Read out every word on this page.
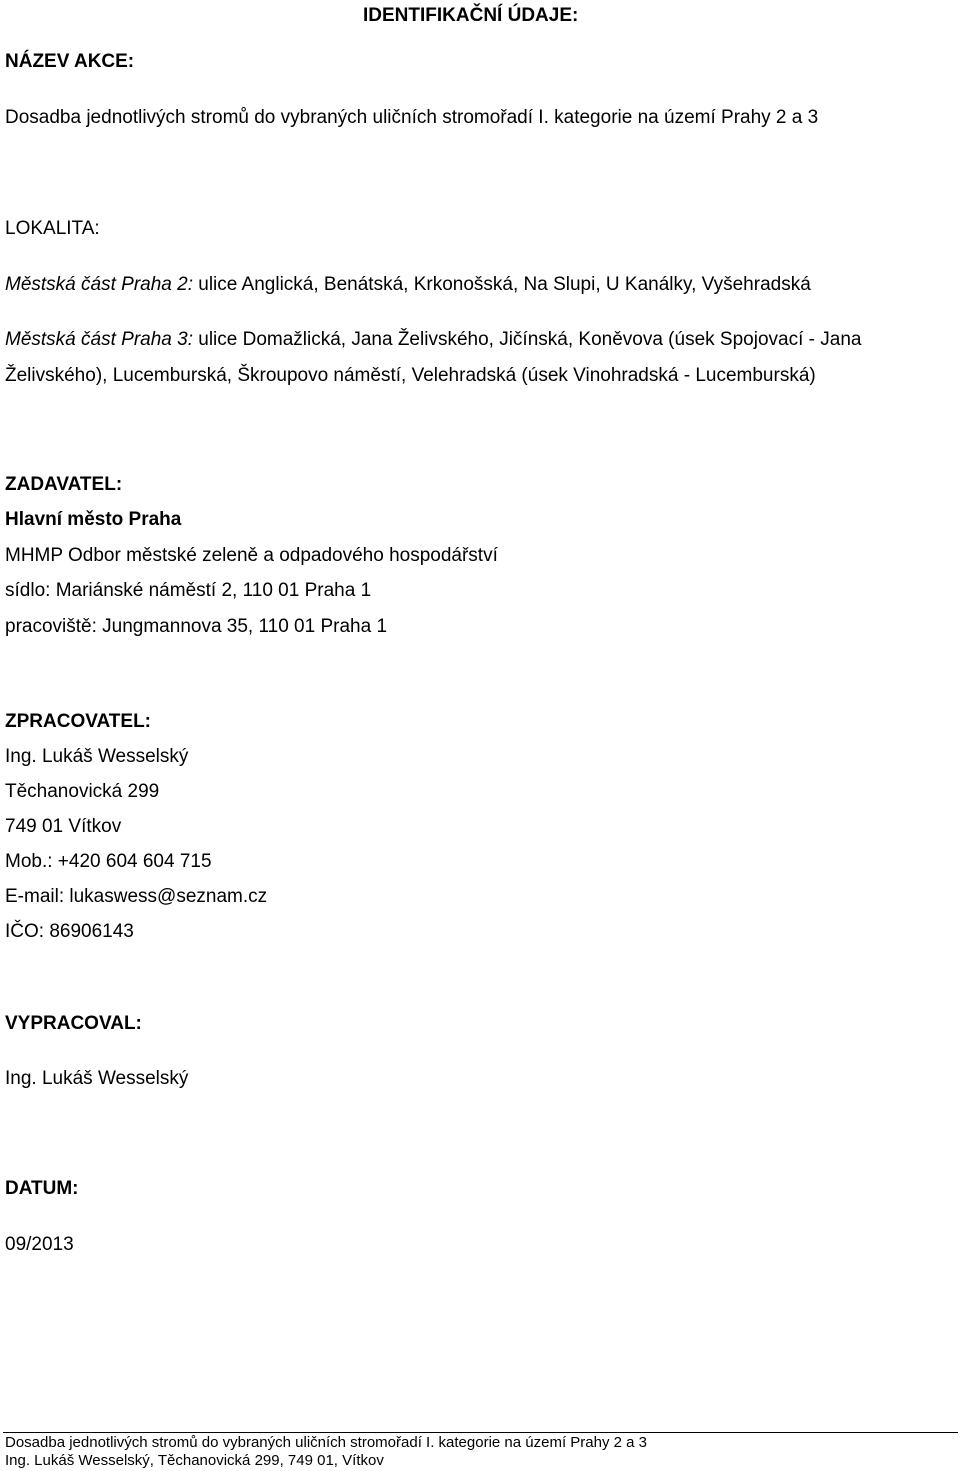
IDENTIFIKAČNÍ ÚDAJE:
NÁZEV AKCE:
Dosadba jednotlivých stromů do vybraných uličních stromořadí I. kategorie na území Prahy 2 a 3
LOKALITA:
Městská část Praha 2: ulice Anglická, Benátská, Krkonošská, Na Slupi, U Kanálky, Vyšehradská
Městská část Praha 3: ulice Domažlická, Jana Želivského, Jičínská, Koněvova (úsek Spojovací - Jana
Želivského), Lucemburská, Škroupovo náměstí, Velehradská (úsek Vinohradská - Lucemburská)
ZADAVATEL:
Hlavní město Praha
MHMP Odbor městské zeleně a odpadového hospodářství
sídlo: Mariánské náměstí 2, 110 01 Praha 1
pracoviště: Jungmannova 35, 110 01 Praha 1
ZPRACOVATEL:
Ing. Lukáš Wesselský
Těchanovická 299
749 01 Vítkov
Mob.: +420 604 604 715
E-mail: lukaswess@seznam.cz
IČO: 86906143
VYPRACOVAL:
Ing. Lukáš Wesselský
DATUM:
09/2013
Dosadba jednotlivých stromů do vybraných uličních stromořadí I. kategorie na území Prahy 2 a 3
Ing. Lukáš Wesselský, Těchanovická 299, 749 01, Vítkov
